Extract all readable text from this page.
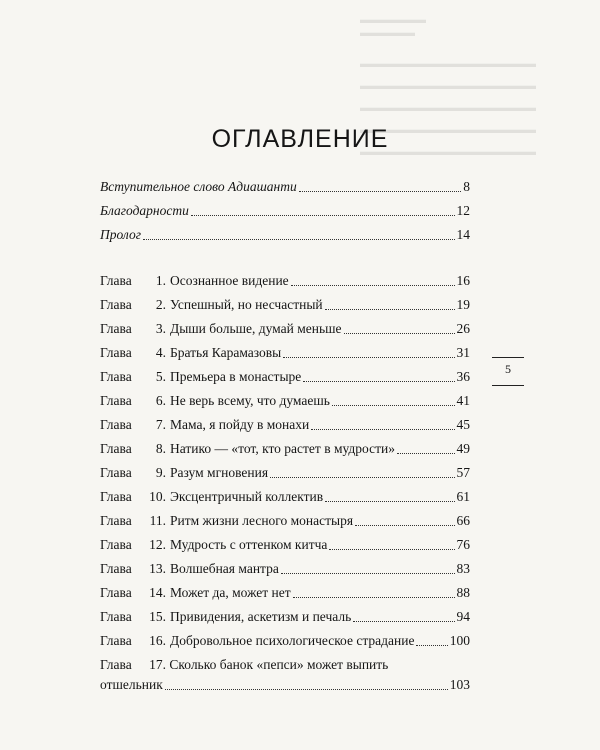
▬▬▬▬▬▬
▬▬▬▬▬
▬▬▬▬▬▬▬▬▬▬▬▬▬▬▬▬
▬▬▬▬▬▬▬▬▬▬▬▬▬▬▬▬
▬▬▬▬▬▬▬▬▬▬▬▬▬▬▬▬
▬▬▬▬▬▬▬▬▬▬▬▬▬▬▬▬
▬▬▬▬▬▬▬▬▬▬▬▬▬▬▬▬
ОГЛАВЛЕНИЕ
Вступительное слово Адиашанти	8
Благодарности	12
Пролог	14
Глава	1. Осознанное видение	16
Глава	2. Успешный, но несчастный	19
Глава	3. Дыши больше, думай меньше	26
Глава	4. Братья Карамазовы	31
Глава	5. Премьера в монастыре	36
Глава	6. Не верь всему, что думаешь	41
Глава	7. Мама, я пойду в монахи	45
Глава	8. Натико — «тот, кто растет в мудрости»	49
Глава	9. Разум мгновения	57
Глава	10. Эксцентричный коллектив	61
Глава	11. Ритм жизни лесного монастыря	66
Глава	12. Мудрость с оттенком китча	76
Глава	13. Волшебная мантра	83
Глава	14. Может да, может нет	88
Глава	15. Привидения, аскетизм и печаль	94
Глава	16. Добровольное психологическое страдание	100
Глава 17. Сколько банок «пепси» может выпить
отшельник	103
5
